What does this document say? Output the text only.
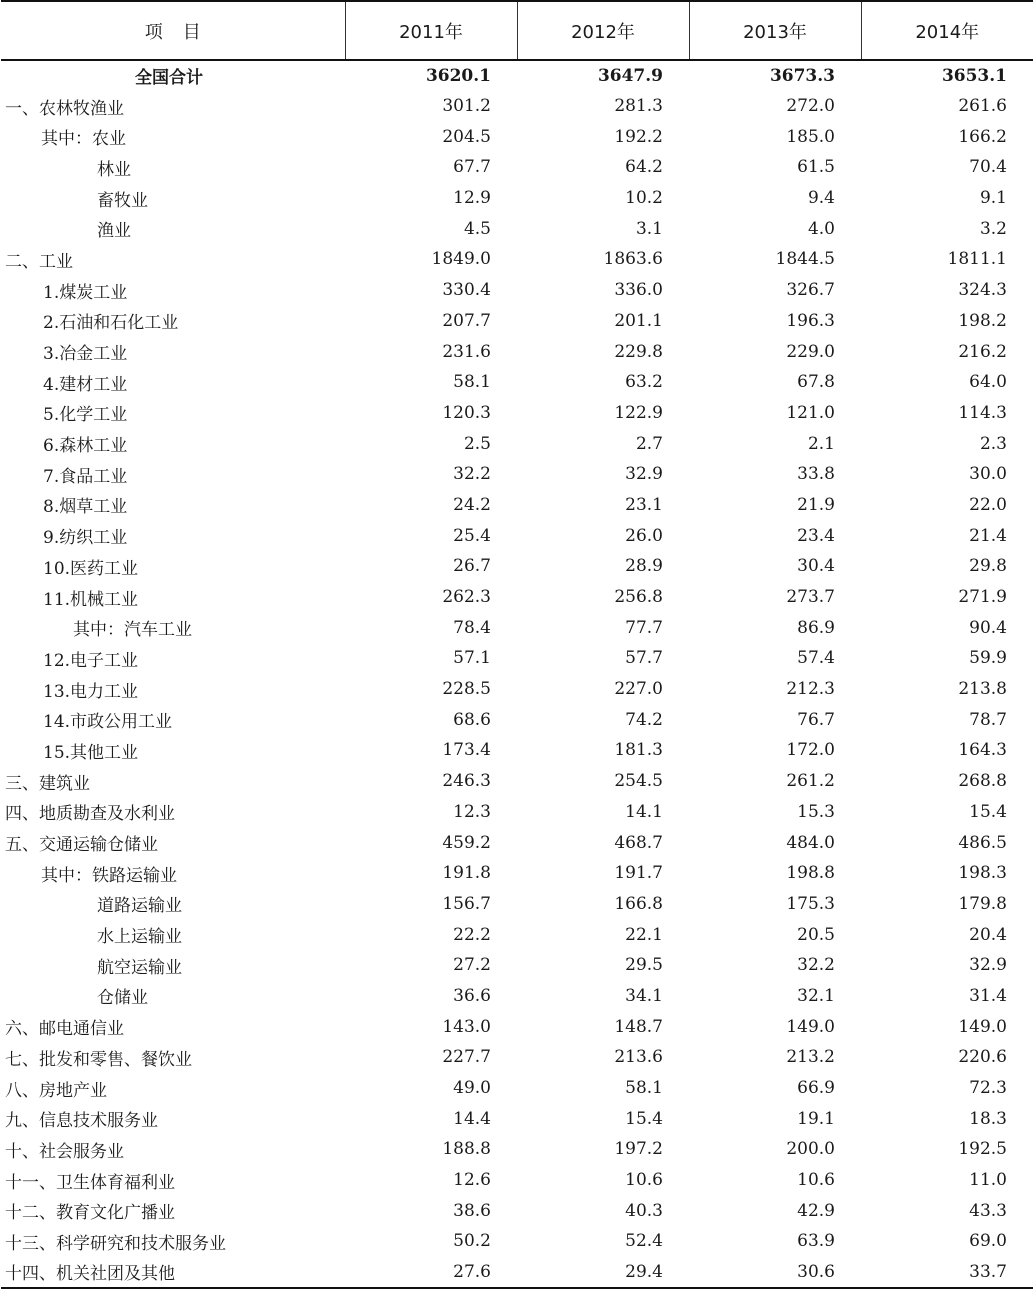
项目	2011年	2012年	2013年	2014年
全国合计	3620.1	3647.9	3673.3	3653.1
一、农林牧渔业	301.2	281.3	272.0	261.6
其中：农业	204.5	192.2	185.0	166.2
林业	67.7	64.2	61.5	70.4
畜牧业	12.9	10.2	9.4	9.1
渔业	4.5	3.1	4.0	3.2
二、工业	1849.0	1863.6	1844.5	1811.1
1.煤炭工业	330.4	336.0	326.7	324.3
2.石油和石化工业	207.7	201.1	196.3	198.2
3.冶金工业	231.6	229.8	229.0	216.2
4.建材工业	58.1	63.2	67.8	64.0
5.化学工业	120.3	122.9	121.0	114.3
6.森林工业	2.5	2.7	2.1	2.3
7.食品工业	32.2	32.9	33.8	30.0
8.烟草工业	24.2	23.1	21.9	22.0
9.纺织工业	25.4	26.0	23.4	21.4
10.医药工业	26.7	28.9	30.4	29.8
11.机械工业	262.3	256.8	273.7	271.9
其中：汽车工业	78.4	77.7	86.9	90.4
12.电子工业	57.1	57.7	57.4	59.9
13.电力工业	228.5	227.0	212.3	213.8
14.市政公用工业	68.6	74.2	76.7	78.7
15.其他工业	173.4	181.3	172.0	164.3
三、建筑业	246.3	254.5	261.2	268.8
四、地质勘查及水利业	12.3	14.1	15.3	15.4
五、交通运输仓储业	459.2	468.7	484.0	486.5
其中：铁路运输业	191.8	191.7	198.8	198.3
道路运输业	156.7	166.8	175.3	179.8
水上运输业	22.2	22.1	20.5	20.4
航空运输业	27.2	29.5	32.2	32.9
仓储业	36.6	34.1	32.1	31.4
六、邮电通信业	143.0	148.7	149.0	149.0
七、批发和零售、餐饮业	227.7	213.6	213.2	220.6
八、房地产业	49.0	58.1	66.9	72.3
九、信息技术服务业	14.4	15.4	19.1	18.3
十、社会服务业	188.8	197.2	200.0	192.5
十一、卫生体育福利业	12.6	10.6	10.6	11.0
十二、教育文化广播业	38.6	40.3	42.9	43.3
十三、科学研究和技术服务业	50.2	52.4	63.9	69.0
十四、机关社团及其他	27.6	29.4	30.6	33.7
